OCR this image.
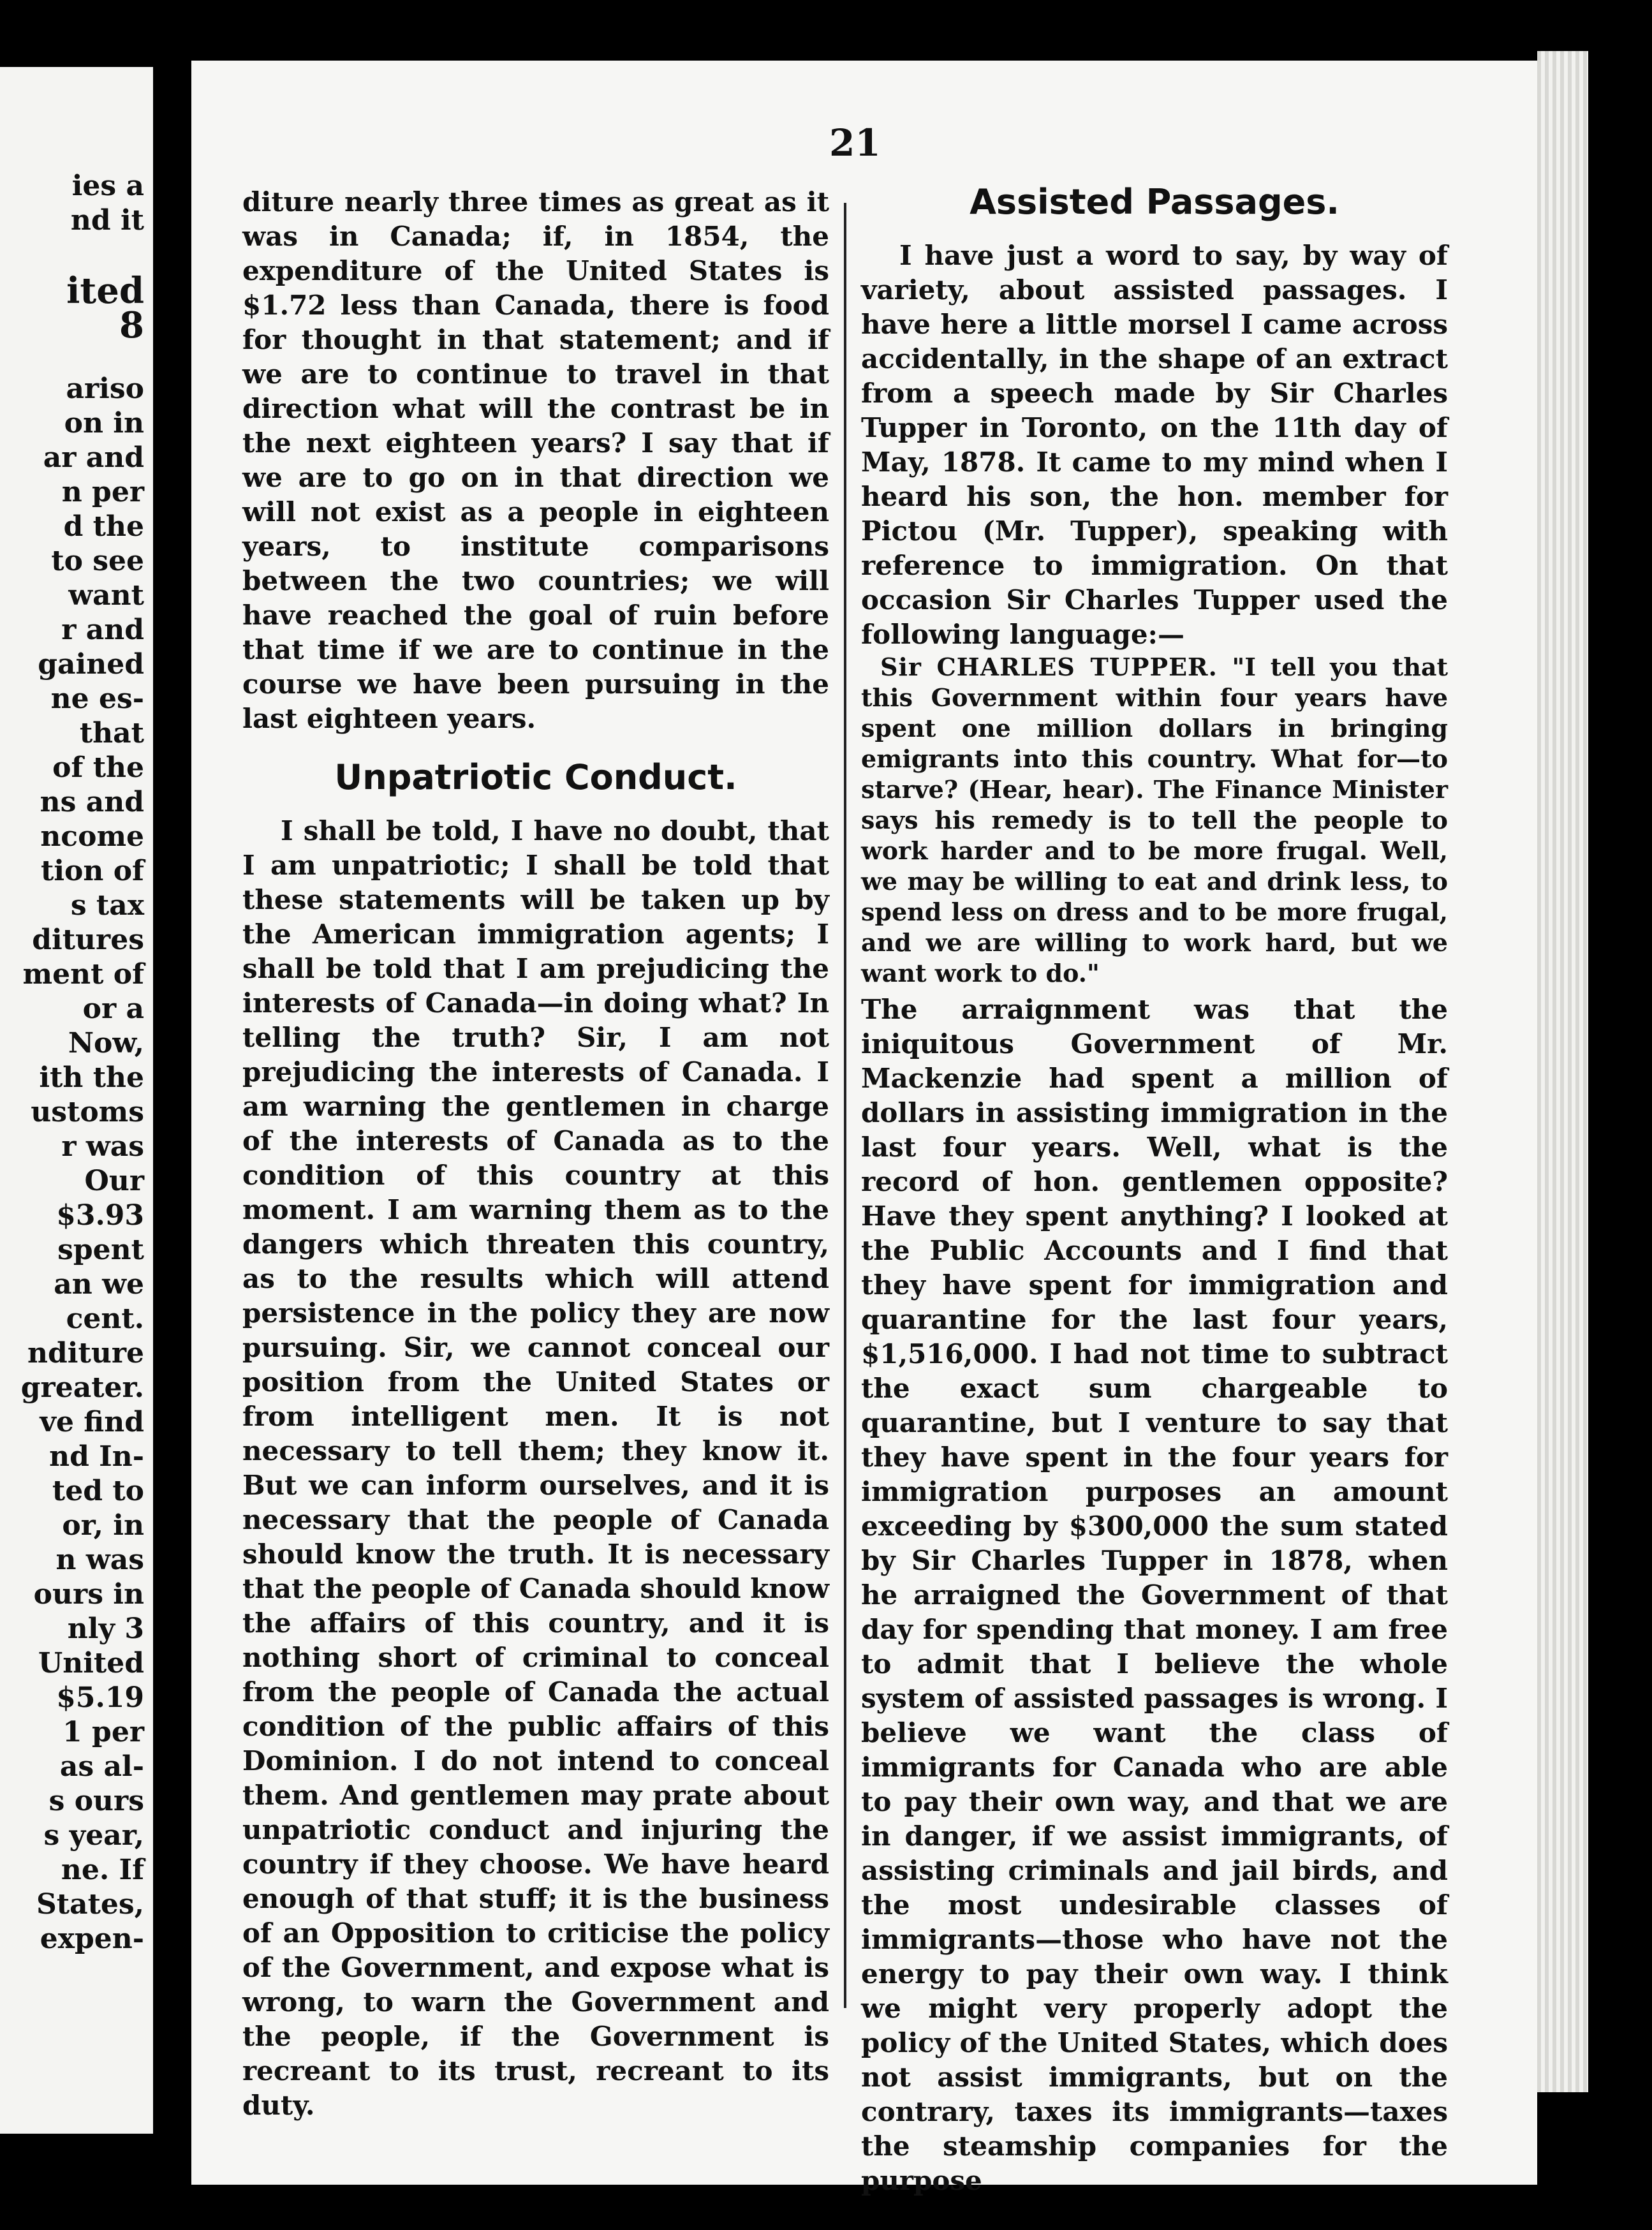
ies a
nd it
ited
8
ariso
on in
ar and
n per
d the
to see
want
r and
gained
ne es-
that
of the
ns and
ncome
tion of
s tax
ditures
ment of
or a
Now,
ith the
ustoms
r was
Our
$3.93
spent
an we
cent.
nditure
greater.
ve find
nd In-
ted to
or, in
n was
ours in
nly 3
United
$5.19
1 per
as al-
s ours
s year,
ne. If
States,
expen-
21

diture nearly three times as great as it was in Canada; if, in 1854, the expenditure of the United States is $1.72 less than Canada, there is food for thought in that statement; and if we are to continue to travel in that direction what will the contrast be in the next eighteen years? I say that if we are to go on in that direction we will not exist as a people in eighteen years, to institute comparisons between the two countries; we will have reached the goal of ruin before that time if we are to continue in the course we have been pursuing in the last eighteen years.

Unpatriotic Conduct.

I shall be told, I have no doubt, that I am unpatriotic; I shall be told that these statements will be taken up by the American immigration agents; I shall be told that I am prejudicing the interests of Canada—in doing what? In telling the truth? Sir, I am not prejudicing the interests of Canada. I am warning the gentlemen in charge of the interests of Canada as to the condition of this country at this moment. I am warning them as to the dangers which threaten this country, as to the results which will attend persistence in the policy they are now pursuing. Sir, we cannot conceal our position from the United States or from intelligent men. It is not necessary to tell them; they know it. But we can inform ourselves, and it is necessary that the people of Canada should know the truth. It is necessary that the people of Canada should know the affairs of this country, and it is nothing short of criminal to conceal from the people of Canada the actual condition of the public affairs of this Dominion. I do not intend to conceal them. And gentlemen may prate about unpatriotic conduct and injuring the country if they choose. We have heard enough of that stuff; it is the business of an Opposition to criticise the policy of the Government, and expose what is wrong, to warn the Government and the people, if the Government is recreant to its trust, recreant to its duty.

Assisted Passages.

I have just a word to say, by way of variety, about assisted passages. I have here a little morsel I came across accidentally, in the shape of an extract from a speech made by Sir Charles Tupper in Toronto, on the 11th day of May, 1878. It came to my mind when I heard his son, the hon. member for Pictou (Mr. Tupper), speaking with reference to immigration. On that occasion Sir Charles Tupper used the following language:—

Sir CHARLES TUPPER. "I tell you that this Government within four years have spent one million dollars in bringing emigrants into this country. What for—to starve? (Hear, hear). The Finance Minister says his remedy is to tell the people to work harder and to be more frugal. Well, we may be willing to eat and drink less, to spend less on dress and to be more frugal, and we are willing to work hard, but we want work to do."

The arraignment was that the iniquitous Government of Mr. Mackenzie had spent a million of dollars in assisting immigration in the last four years. Well, what is the record of hon. gentlemen opposite? Have they spent anything? I looked at the Public Accounts and I find that they have spent for immigration and quarantine for the last four years, $1,516,000. I had not time to subtract the exact sum chargeable to quarantine, but I venture to say that they have spent in the four years for immigration purposes an amount exceeding by $300,000 the sum stated by Sir Charles Tupper in 1878, when he arraigned the Government of that day for spending that money. I am free to admit that I believe the whole system of assisted passages is wrong. I believe we want the class of immigrants for Canada who are able to pay their own way, and that we are in danger, if we assist immigrants, of assisting criminals and jail birds, and the most undesirable classes of immigrants—those who have not the energy to pay their own way. I think we might very properly adopt the policy of the United States, which does not assist immigrants, but on the contrary, taxes its immigrants—taxes the steamship companies for the purpose
